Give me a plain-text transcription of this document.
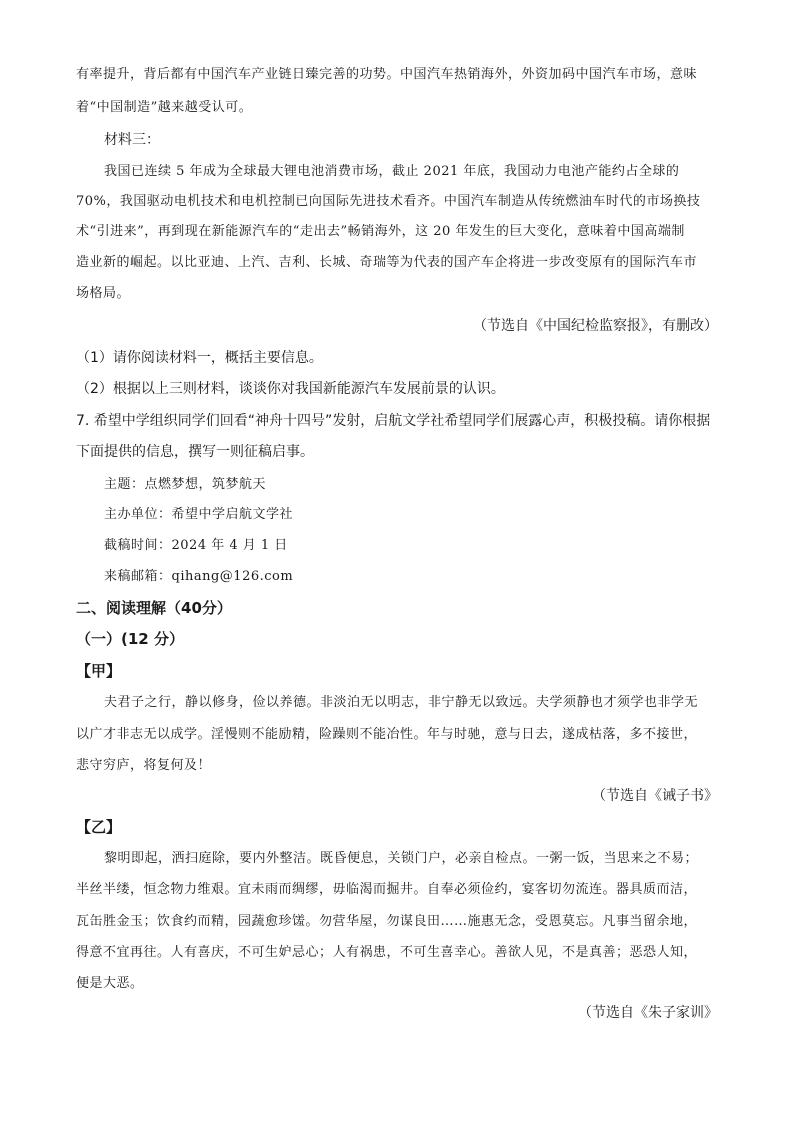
有率提升，背后都有中国汽车产业链日臻完善的功势。中国汽车热销海外，外资加码中国汽车市场，意味
着“中国制造”越来越受认可。
材料三：
我国已连续 5 年成为全球最大锂电池消费市场，截止 2021 年底，我国动力电池产能约占全球的
70%，我国驱动电机技术和电机控制已向国际先进技术看齐。中国汽车制造从传统燃油车时代的市场换技
术“引进来”，再到现在新能源汽车的“走出去”畅销海外，这 20 年发生的巨大变化，意味着中国高端制
造业新的崛起。以比亚迪、上汽、吉利、长城、奇瑞等为代表的国产车企将进一步改变原有的国际汽车市
场格局。
（节选自《中国纪检监察报》，有删改）
（1）请你阅读材料一，概括主要信息。
（2）根据以上三则材料，谈谈你对我国新能源汽车发展前景的认识。
7. 希望中学组织同学们回看“神舟十四号”发射，启航文学社希望同学们展露心声，积极投稿。请你根据
下面提供的信息，撰写一则征稿启事。
主题：点燃梦想，筑梦航天
主办单位：希望中学启航文学社
截稿时间：2024 年 4 月 1 日
来稿邮箱：qihang@126.com
二、阅读理解（40分）
（一）(12 分）
【甲】
夫君子之行，静以修身，俭以养德。非淡泊无以明志，非宁静无以致远。夫学须静也才须学也非学无
以广才非志无以成学。淫慢则不能励精，险躁则不能冶性。年与时驰，意与日去，遂成枯落，多不接世，
悲守穷庐，将复何及！
（节选自《诫子书》
【乙】
黎明即起，洒扫庭除，要内外整洁。既昏便息，关锁门户，必亲自检点。一粥一饭，当思来之不易；
半丝半缕，恒念物力维艰。宜未雨而绸缪，毋临渴而掘井。自奉必须俭约，宴客切勿流连。器具质而洁，
瓦缶胜金玉；饮食约而精，园蔬愈珍馐。勿营华屋，勿谋良田……施惠无念，受恩莫忘。凡事当留余地，
得意不宜再往。人有喜庆，不可生妒忌心；人有祸患，不可生喜幸心。善欲人见，不是真善；恶恐人知，
便是大恶。
（节选自《朱子家训》
